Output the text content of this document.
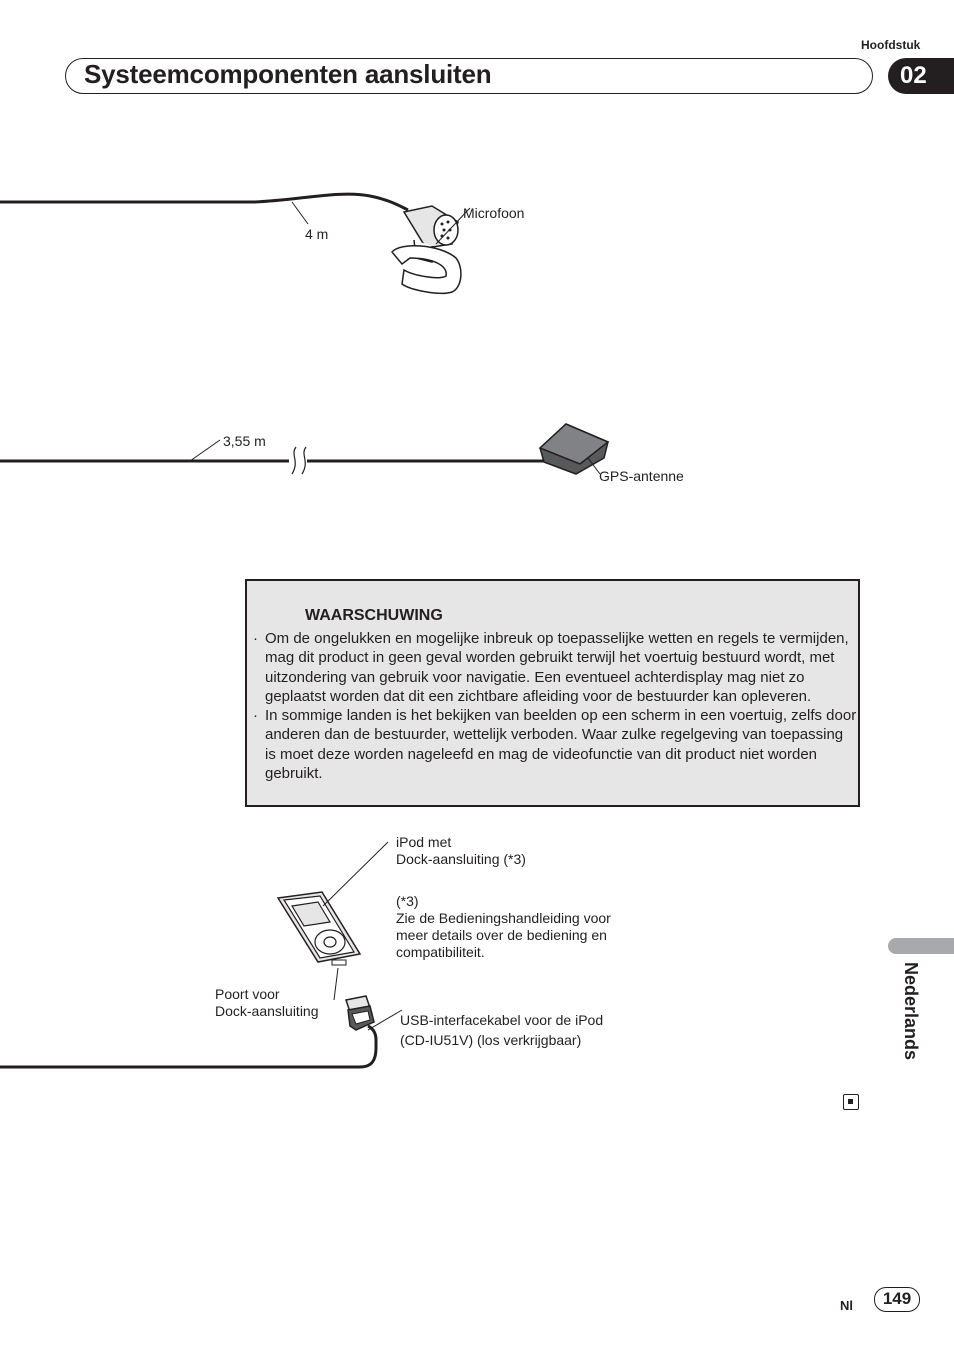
Hoofdstuk
Systeemcomponenten aansluiten	02
4 m
Microfoon
3,55 m
GPS-antenne
WAARSCHUWING
· Om de ongelukken en mogelijke inbreuk op toepasselijke wetten en regels te vermijden, mag dit product in geen geval worden gebruikt terwijl het voertuig bestuurd wordt, met uitzondering van gebruik voor navigatie. Een eventueel achterdisplay mag niet zo geplaatst worden dat dit een zichtbare afleiding voor de bestuurder kan opleveren.
· In sommige landen is het bekijken van beelden op een scherm in een voertuig, zelfs door anderen dan de bestuurder, wettelijk verboden. Waar zulke regelgeving van toepassing is moet deze worden nageleefd en mag de videofunctie van dit product niet worden gebruikt.
iPod met
Dock-aansluiting (*3)
(*3)
Zie de Bedieningshandleiding voor
meer details over de bediening en
compatibiliteit.
Poort voor
Dock-aansluiting
USB-interfacekabel voor de iPod
(CD-IU51V) (los verkrijgbaar)	Nederlands
Nl	149
